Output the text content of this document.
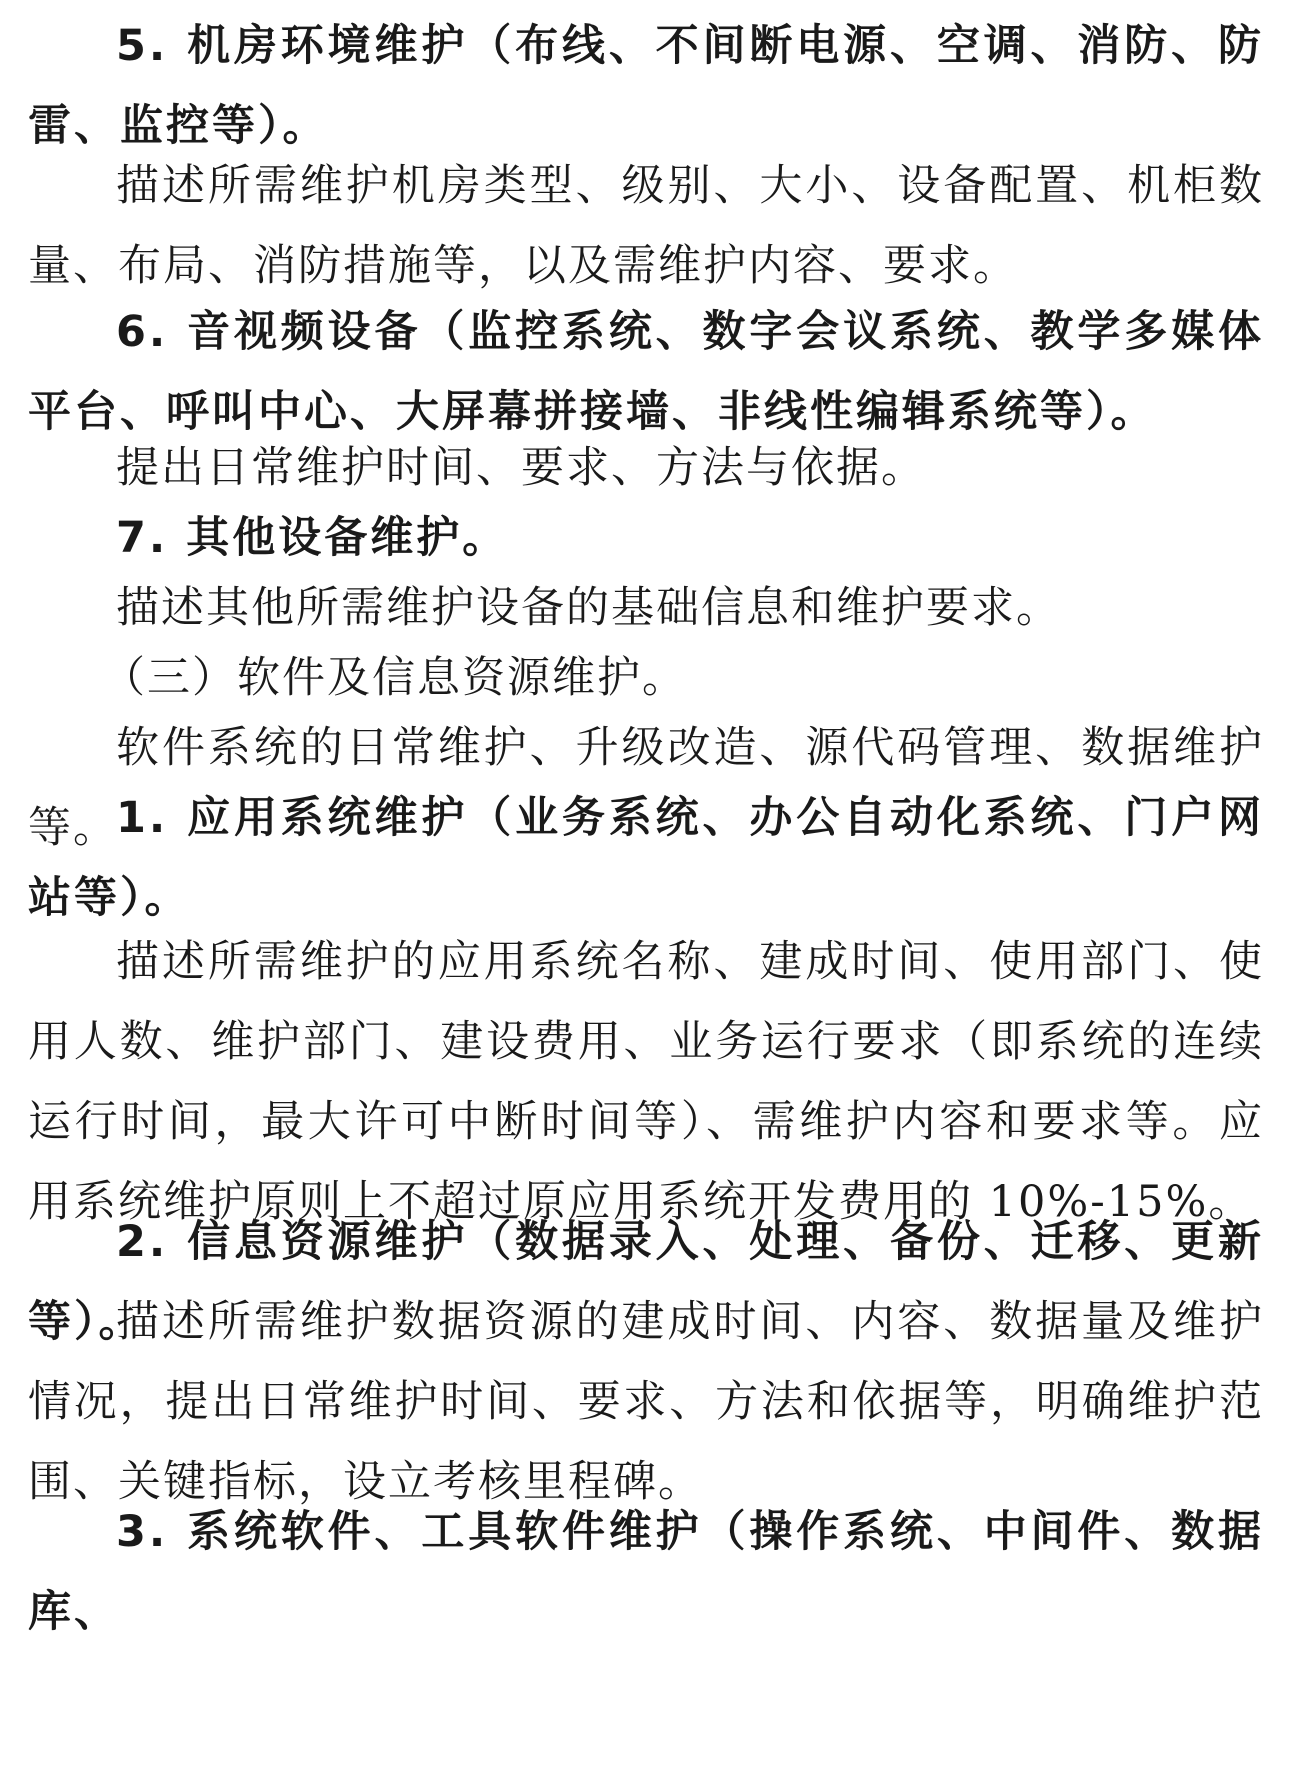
5. 机房环境维护（布线、不间断电源、空调、消防、防雷、监控等）。

描述所需维护机房类型、级别、大小、设备配置、机柜数量、布局、消防措施等，以及需维护内容、要求。

6. 音视频设备（监控系统、数字会议系统、教学多媒体平台、呼叫中心、大屏幕拼接墙、非线性编辑系统等）。

提出日常维护时间、要求、方法与依据。

7. 其他设备维护。

描述其他所需维护设备的基础信息和维护要求。

（三）软件及信息资源维护。

软件系统的日常维护、升级改造、源代码管理、数据维护等。

1. 应用系统维护（业务系统、办公自动化系统、门户网站等）。

描述所需维护的应用系统名称、建成时间、使用部门、使用人数、维护部门、建设费用、业务运行要求（即系统的连续运行时间，最大许可中断时间等）、需维护内容和要求等。应用系统维护原则上不超过原应用系统开发费用的 10%-15%。

2. 信息资源维护（数据录入、处理、备份、迁移、更新等）。

描述所需维护数据资源的建成时间、内容、数据量及维护情况，提出日常维护时间、要求、方法和依据等，明确维护范围、关键指标，设立考核里程碑。

3. 系统软件、工具软件维护（操作系统、中间件、数据库、
